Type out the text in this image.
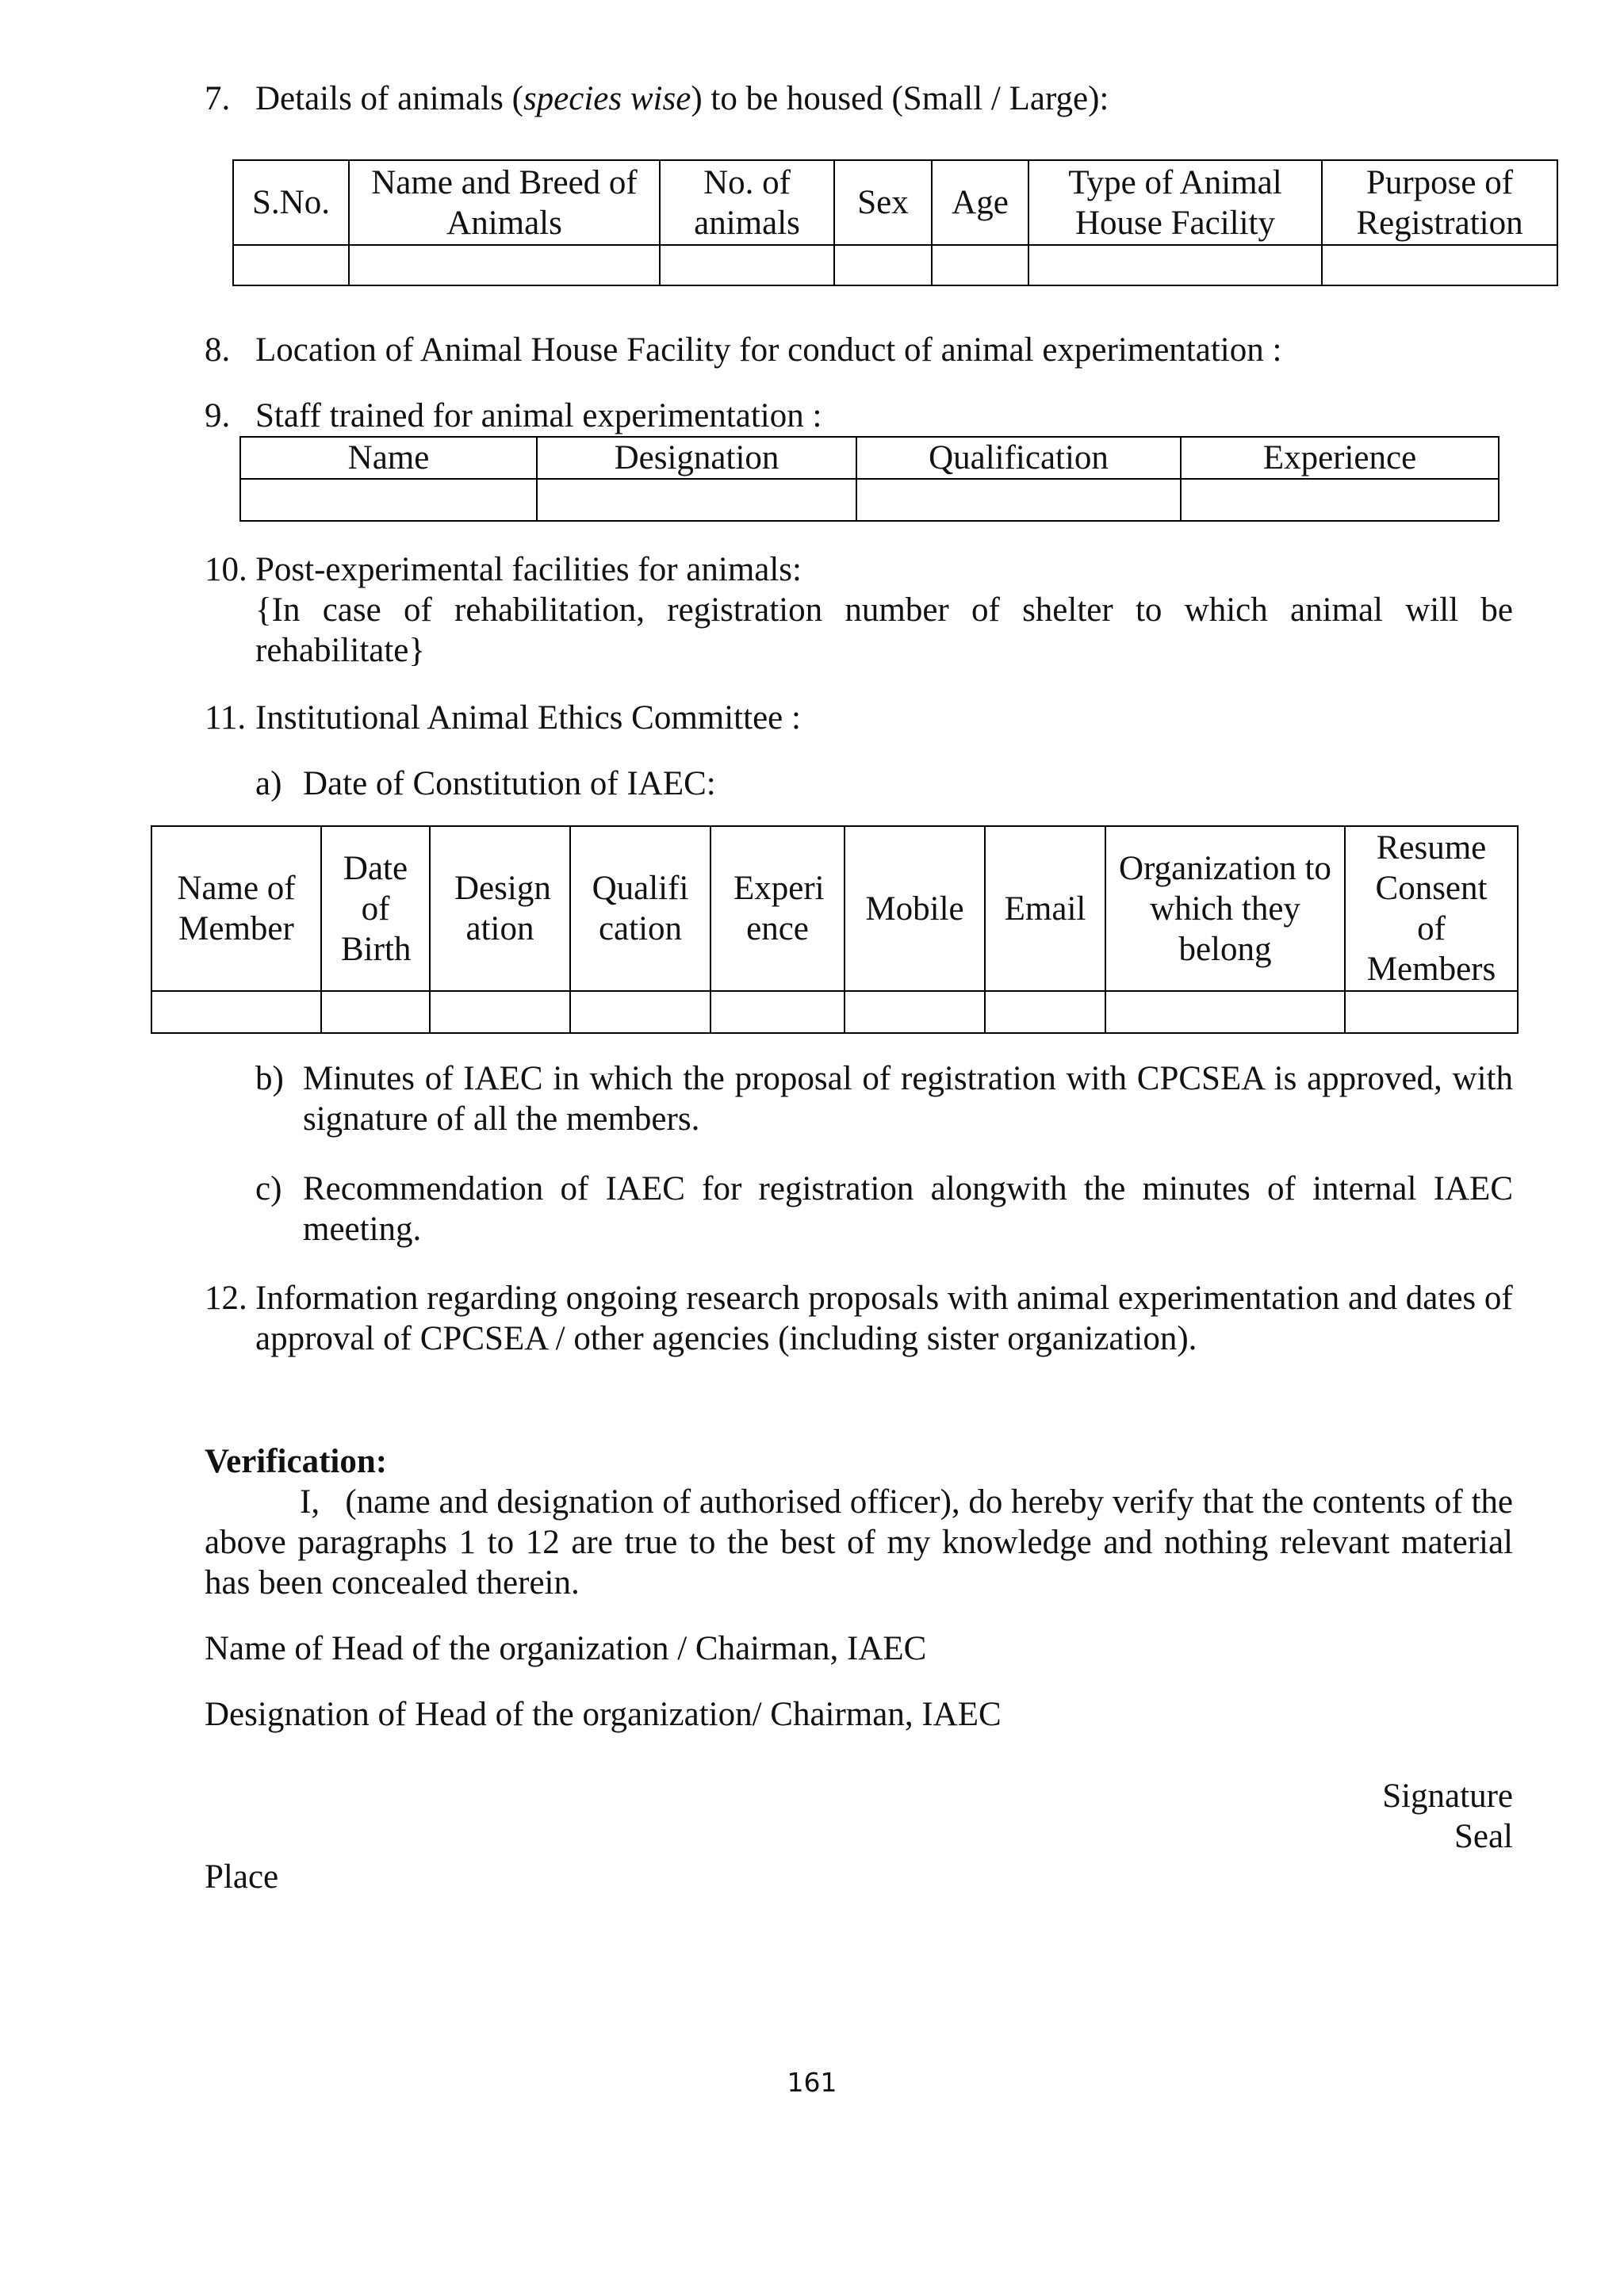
7. Details of animals (species wise) to be housed (Small / Large):
S.No.	Name and Breed of Animals	No. of animals	Sex	Age	Type of Animal House Facility	Purpose of Registration

8. Location of Animal House Facility for conduct of animal experimentation :
9. Staff trained for animal experimentation :
Name	Designation	Qualification	Experience

10. Post-experimental facilities for animals:
{In case of rehabilitation, registration number of shelter to which animal will be rehabilitate}
11. Institutional Animal Ethics Committee :
a) Date of Constitution of IAEC:
Name of Member	Date of Birth	Design ation	Qualifi cation	Experi ence	Mobile	Email	Organization to which they belong	Resume Consent of Members

b) Minutes of IAEC in which the proposal of registration with CPCSEA is approved, with signature of all the members.
c) Recommendation of IAEC for registration alongwith the minutes of internal IAEC meeting.
12. Information regarding ongoing research proposals with animal experimentation and dates of approval of CPCSEA / other agencies (including sister organization).
Verification:
I,   (name and designation of authorised officer), do hereby verify that the contents of the above paragraphs 1 to 12 are true to the best of my knowledge and nothing relevant material has been concealed therein.
Name of Head of the organization / Chairman, IAEC
Designation of Head of the organization/ Chairman, IAEC
Signature
Seal
Place
161
